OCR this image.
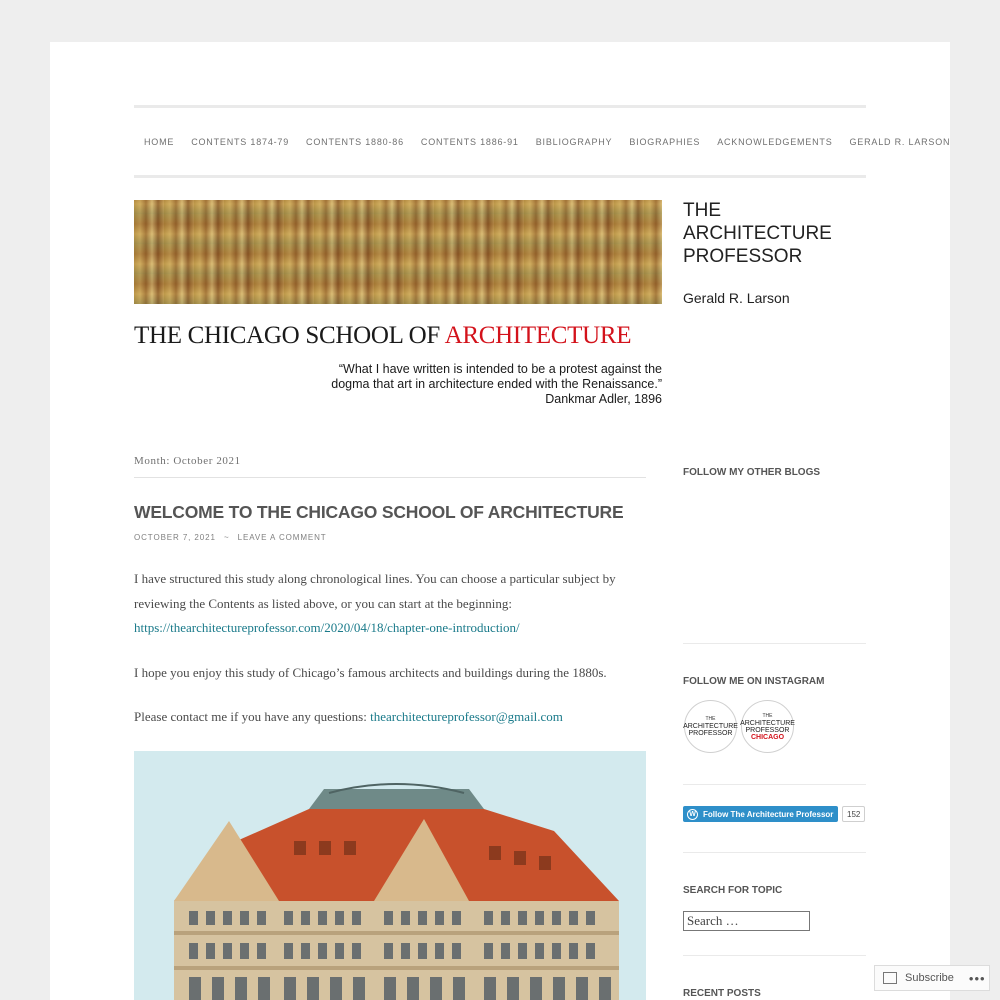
HOME CONTENTS 1874-79 CONTENTS 1880-86 CONTENTS 1886-91 BIBLIOGRAPHY BIOGRAPHIES ACKNOWLEDGEMENTS GERALD R. LARSON
THE CHICAGO SCHOOL OF ARCHITECTURE
“What I have written is intended to be a protest against the
dogma that art in architecture ended with the Renaissance.”
Dankmar Adler, 1896
THE
ARCHITECTURE
PROFESSOR
Gerald R. Larson
Month: October 2021
WELCOME TO THE CHICAGO SCHOOL OF ARCHITECTURE
OCTOBER 7, 2021 ~ LEAVE A COMMENT

I have structured this study along chronological lines. You can choose a particular subject by reviewing the Contents as listed above, or you can start at the beginning:
https://thearchitectureprofessor.com/2020/04/18/chapter-one-introduction/

I hope you enjoy this study of Chicago’s famous architects and buildings during the 1880s.

Please contact me if you have any questions: thearchitectureprofessor@gmail.com

FOLLOW MY OTHER BLOGS
FOLLOW ME ON INSTAGRAM
THE
ARCHITECTURE
PROFESSOR
THE
ARCHITECTURE
PROFESSOR
CHICAGO
W Follow The Architecture Professor	152
SEARCH FOR TOPIC
Search …
RECENT POSTS
Subscribe •••
